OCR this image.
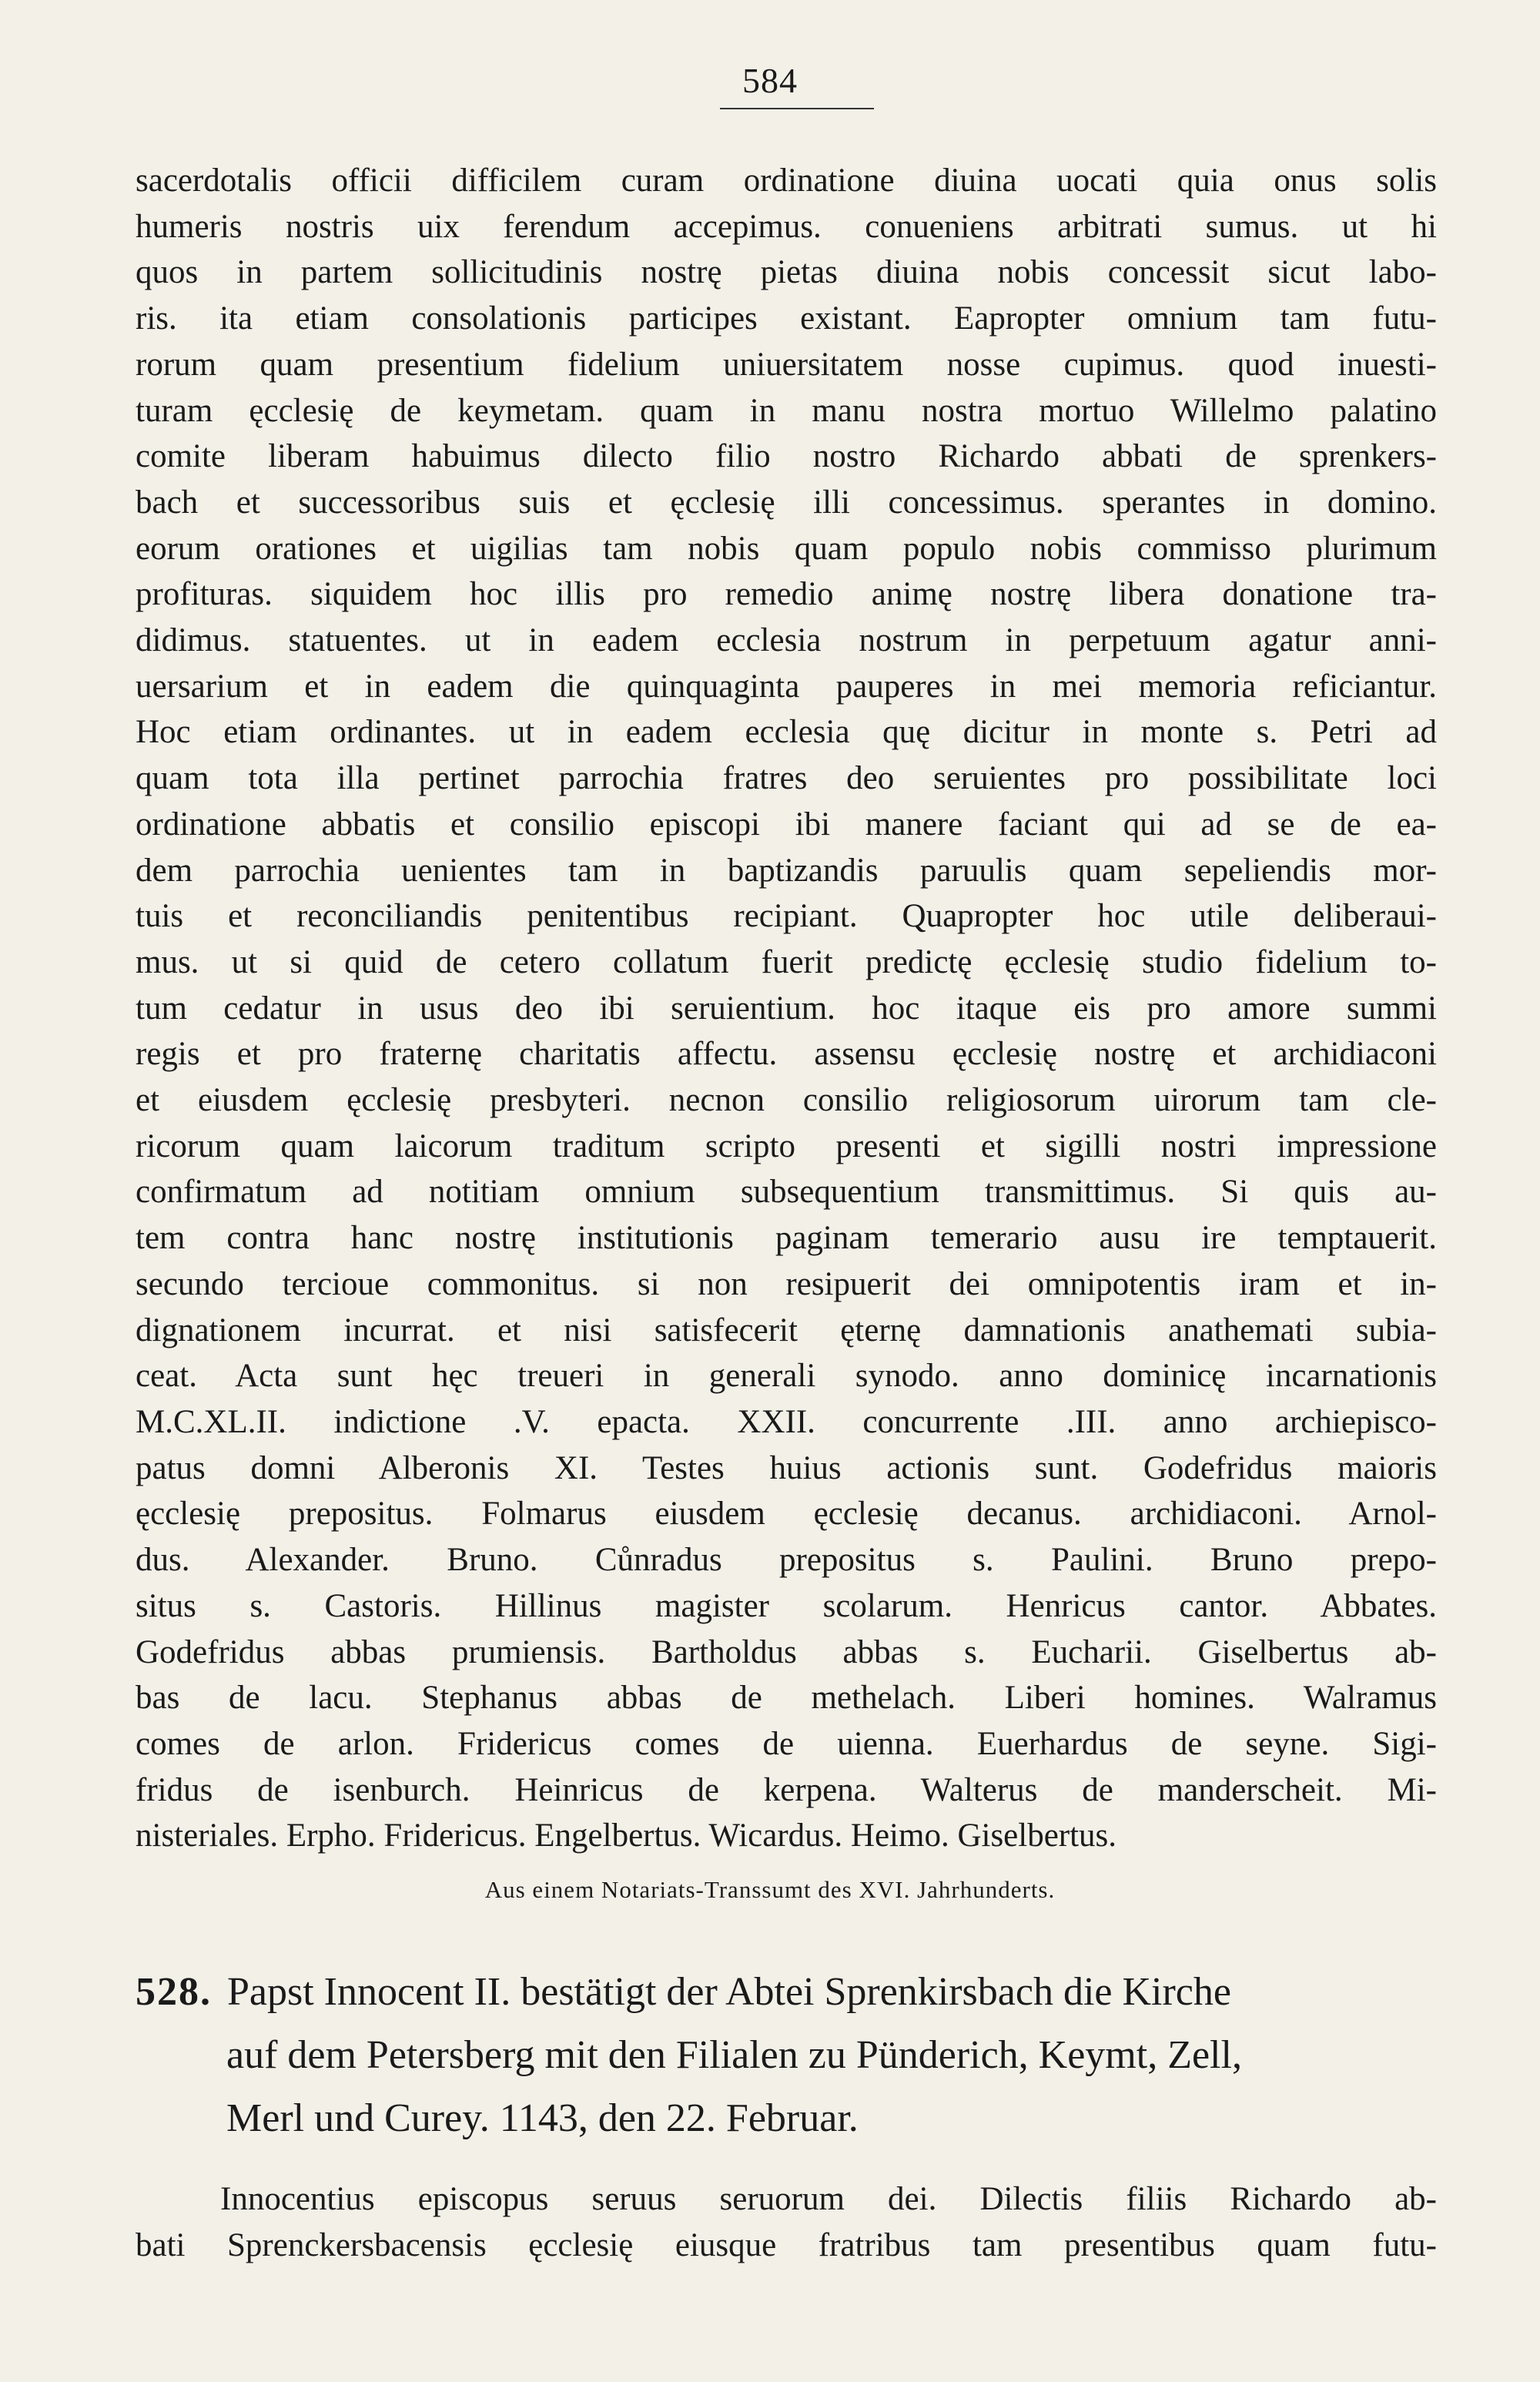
584
sacerdotalis officii difficilem curam ordinatione diuina uocati quia onus solis
humeris nostris uix ferendum accepimus. conueniens arbitrati sumus. ut hi
quos in partem sollicitudinis nostrę pietas diuina nobis concessit sicut labo-
ris. ita etiam consolationis participes existant. Eapropter omnium tam futu-
rorum quam presentium fidelium uniuersitatem nosse cupimus. quod inuesti-
turam ęcclesię de keymetam. quam in manu nostra mortuo Willelmo palatino
comite liberam habuimus dilecto filio nostro Richardo abbati de sprenkers-
bach et successoribus suis et ęcclesię illi concessimus. sperantes in domino.
eorum orationes et uigilias tam nobis quam populo nobis commisso plurimum
profituras. siquidem hoc illis pro remedio animę nostrę libera donatione tra-
didimus. statuentes. ut in eadem ecclesia nostrum in perpetuum agatur anni-
uersarium et in eadem die quinquaginta pauperes in mei memoria reficiantur.
Hoc etiam ordinantes. ut in eadem ecclesia quę dicitur in monte s. Petri ad
quam tota illa pertinet parrochia fratres deo seruientes pro possibilitate loci
ordinatione abbatis et consilio episcopi ibi manere faciant qui ad se de ea-
dem parrochia uenientes tam in baptizandis paruulis quam sepeliendis mor-
tuis et reconciliandis penitentibus recipiant. Quapropter hoc utile deliberaui-
mus. ut si quid de cetero collatum fuerit predictę ęcclesię studio fidelium to-
tum cedatur in usus deo ibi seruientium. hoc itaque eis pro amore summi
regis et pro fraternę charitatis affectu. assensu ęcclesię nostrę et archidiaconi
et eiusdem ęcclesię presbyteri. necnon consilio religiosorum uirorum tam cle-
ricorum quam laicorum traditum scripto presenti et sigilli nostri impressione
confirmatum ad notitiam omnium subsequentium transmittimus. Si quis au-
tem contra hanc nostrę institutionis paginam temerario ausu ire temptauerit.
secundo tercioue commonitus. si non resipuerit dei omnipotentis iram et in-
dignationem incurrat. et nisi satisfecerit ęternę damnationis anathemati subia-
ceat. Acta sunt hęc treueri in generali synodo. anno dominicę incarnationis
M.C.XL.II. indictione .V. epacta. XXII. concurrente .III. anno archiepisco-
patus domni Alberonis XI. Testes huius actionis sunt. Godefridus maioris
ęcclesię prepositus. Folmarus eiusdem ęcclesię decanus. archidiaconi. Arnol-
dus. Alexander. Bruno. Cůnradus prepositus s. Paulini. Bruno prepo-
situs s. Castoris. Hillinus magister scolarum. Henricus cantor. Abbates.
Godefridus abbas prumiensis. Bartholdus abbas s. Eucharii. Giselbertus ab-
bas de lacu. Stephanus abbas de methelach. Liberi homines. Walramus
comes de arlon. Fridericus comes de uienna. Euerhardus de seyne. Sigi-
fridus de isenburch. Heinricus de kerpena. Walterus de manderscheit. Mi-
nisteriales. Erpho. Fridericus. Engelbertus. Wicardus. Heimo. Giselbertus.
Aus einem Notariats-Transsumt des XVI. Jahrhunderts.
528. Papst Innocent II. bestätigt der Abtei Sprenkirsbach die Kirche
auf dem Petersberg mit den Filialen zu Pünderich, Keymt, Zell,
Merl und Curey. 1143, den 22. Februar.
Innocentius episcopus seruus seruorum dei. Dilectis filiis Richardo ab-
bati Sprenckersbacensis ęcclesię eiusque fratribus tam presentibus quam futu-
